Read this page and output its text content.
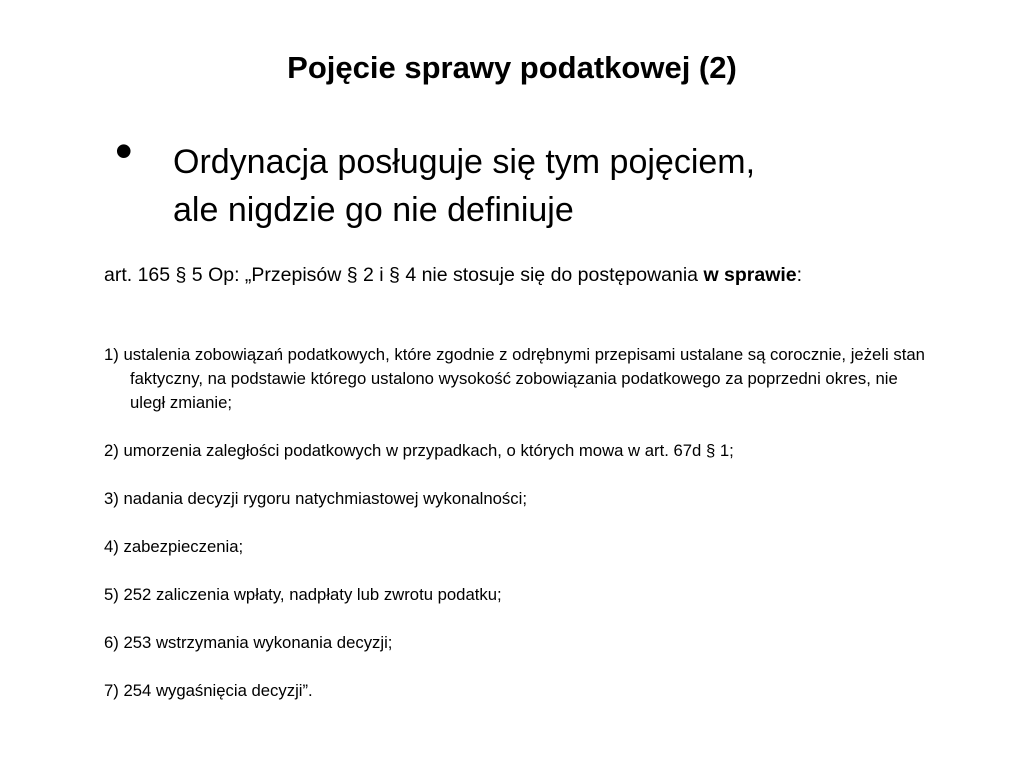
Pojęcie sprawy podatkowej (2)
• Ordynacja posługuje się tym pojęciem,
ale nigdzie go nie definiuje
art. 165 § 5 Op: „Przepisów § 2 i § 4 nie stosuje się do postępowania w sprawie:
1) ustalenia zobowiązań podatkowych, które zgodnie z odrębnymi przepisami ustalane są corocznie, jeżeli stan faktyczny, na podstawie którego ustalono wysokość zobowiązania podatkowego za poprzedni okres, nie uległ zmianie;
2) umorzenia zaległości podatkowych w przypadkach, o których mowa w art. 67d § 1;
3) nadania decyzji rygoru natychmiastowej wykonalności;
4) zabezpieczenia;
5) 252 zaliczenia wpłaty, nadpłaty lub zwrotu podatku;
6) 253 wstrzymania wykonania decyzji;
7) 254 wygaśnięcia decyzji”.
